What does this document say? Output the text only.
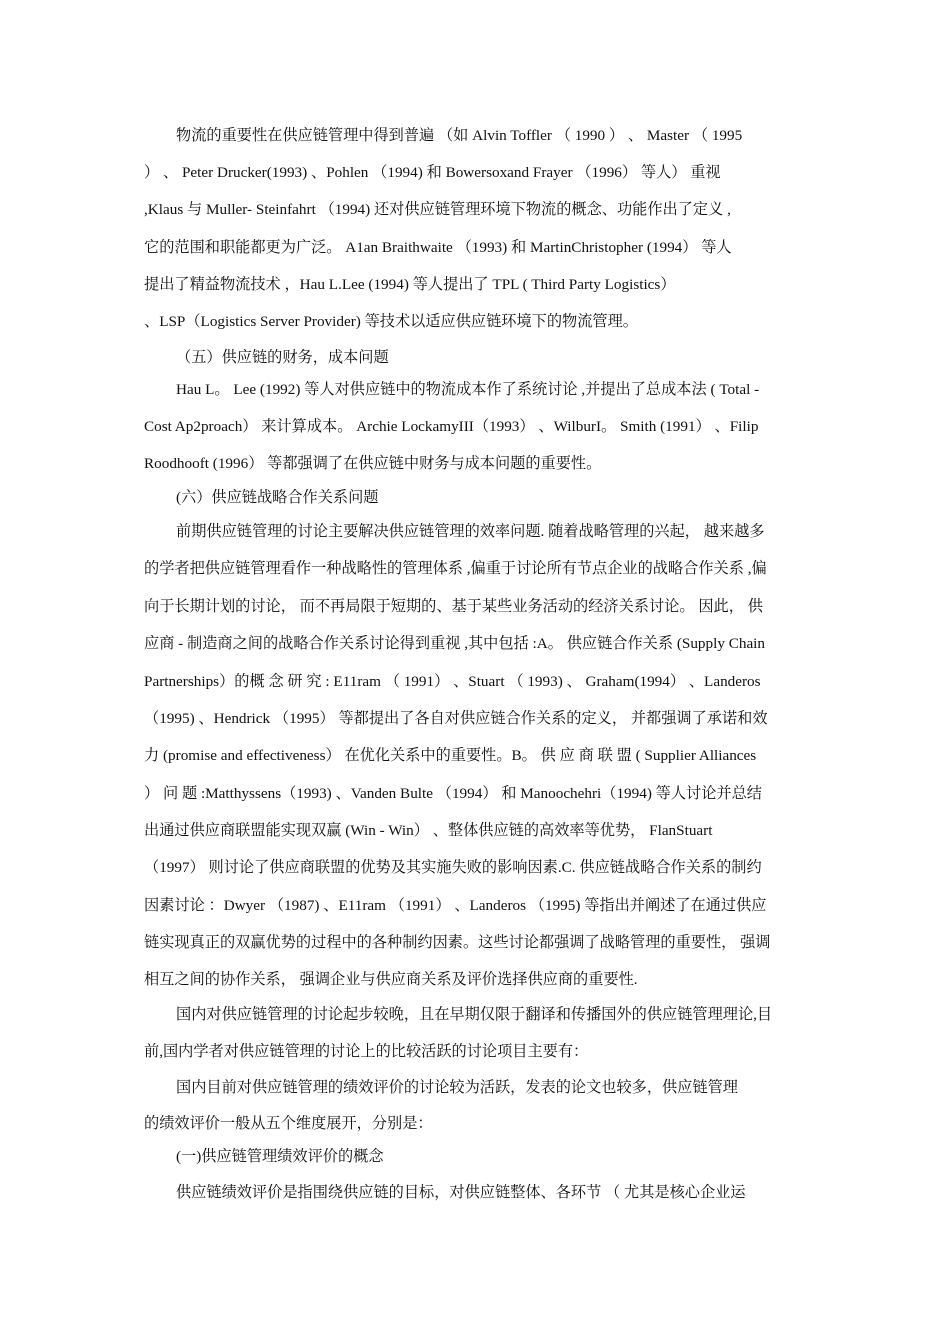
物流的重要性在供应链管理中得到普遍 （如 Alvin Toffler （ 1990 ） 、 Master （ 1995
） 、 Peter Drucker(1993) 、Pohlen （1994) 和 Bowersoxand Frayer （1996） 等人） 重视
,Klaus 与 Muller- Steinfahrt （1994) 还对供应链管理环境下物流的概念、功能作出了定义 ,
它的范围和职能都更为广泛。 A1an Braithwaite （1993) 和 MartinChristopher (1994） 等人
提出了精益物流技术 ，Hau L.Lee (1994) 等人提出了 TPL ( Third Party Logistics）
、LSP（Logistics Server Provider) 等技术以适应供应链环境下的物流管理。
（五）供应链的财务，成本问题
Hau L。 Lee (1992) 等人对供应链中的物流成本作了系统讨论 ,并提出了总成本法 ( Total -
Cost Ap2proach） 来计算成本。 Archie LockamyIII（1993） 、WilburI。 Smith (1991） 、Filip
Roodhooft (1996） 等都强调了在供应链中财务与成本问题的重要性。
(六）供应链战略合作关系问题
前期供应链管理的讨论主要解决供应链管理的效率问题. 随着战略管理的兴起， 越来越多
的学者把供应链管理看作一种战略性的管理体系 ,偏重于讨论所有节点企业的战略合作关系 ,偏
向于长期计划的讨论， 而不再局限于短期的、基于某些业务活动的经济关系讨论。 因此， 供
应商 - 制造商之间的战略合作关系讨论得到重视 ,其中包括 :A。 供应链合作关系 (Supply Chain
Partnerships）的概 念 研 究 : E11ram （ 1991） 、Stuart （ 1993) 、 Graham(1994） 、Landeros
（1995) 、Hendrick （1995） 等都提出了各自对供应链合作关系的定义， 并都强调了承诺和效
力 (promise and effectiveness） 在优化关系中的重要性。B。 供 应 商 联 盟 ( Supplier Alliances
） 问 题 :Matthyssens（1993) 、Vanden Bulte （1994） 和 Manoochehri（1994) 等人讨论并总结
出通过供应商联盟能实现双赢 (Win - Win） 、整体供应链的高效率等优势， FlanStuart
（1997） 则讨论了供应商联盟的优势及其实施失败的影响因素.C. 供应链战略合作关系的制约
因素讨论 ：Dwyer （1987) 、E11ram （1991） 、Landeros （1995) 等指出并阐述了在通过供应
链实现真正的双赢优势的过程中的各种制约因素。这些讨论都强调了战略管理的重要性， 强调
相互之间的协作关系， 强调企业与供应商关系及评价选择供应商的重要性.
国内对供应链管理的讨论起步较晚，且在早期仅限于翻译和传播国外的供应链管理理论,目
前,国内学者对供应链管理的讨论上的比较活跃的讨论项目主要有：
国内目前对供应链管理的绩效评价的讨论较为活跃，发表的论文也较多，供应链管理
的绩效评价一般从五个维度展开，分别是：
(一)供应链管理绩效评价的概念
供应链绩效评价是指围绕供应链的目标，对供应链整体、各环节 （ 尤其是核心企业运
